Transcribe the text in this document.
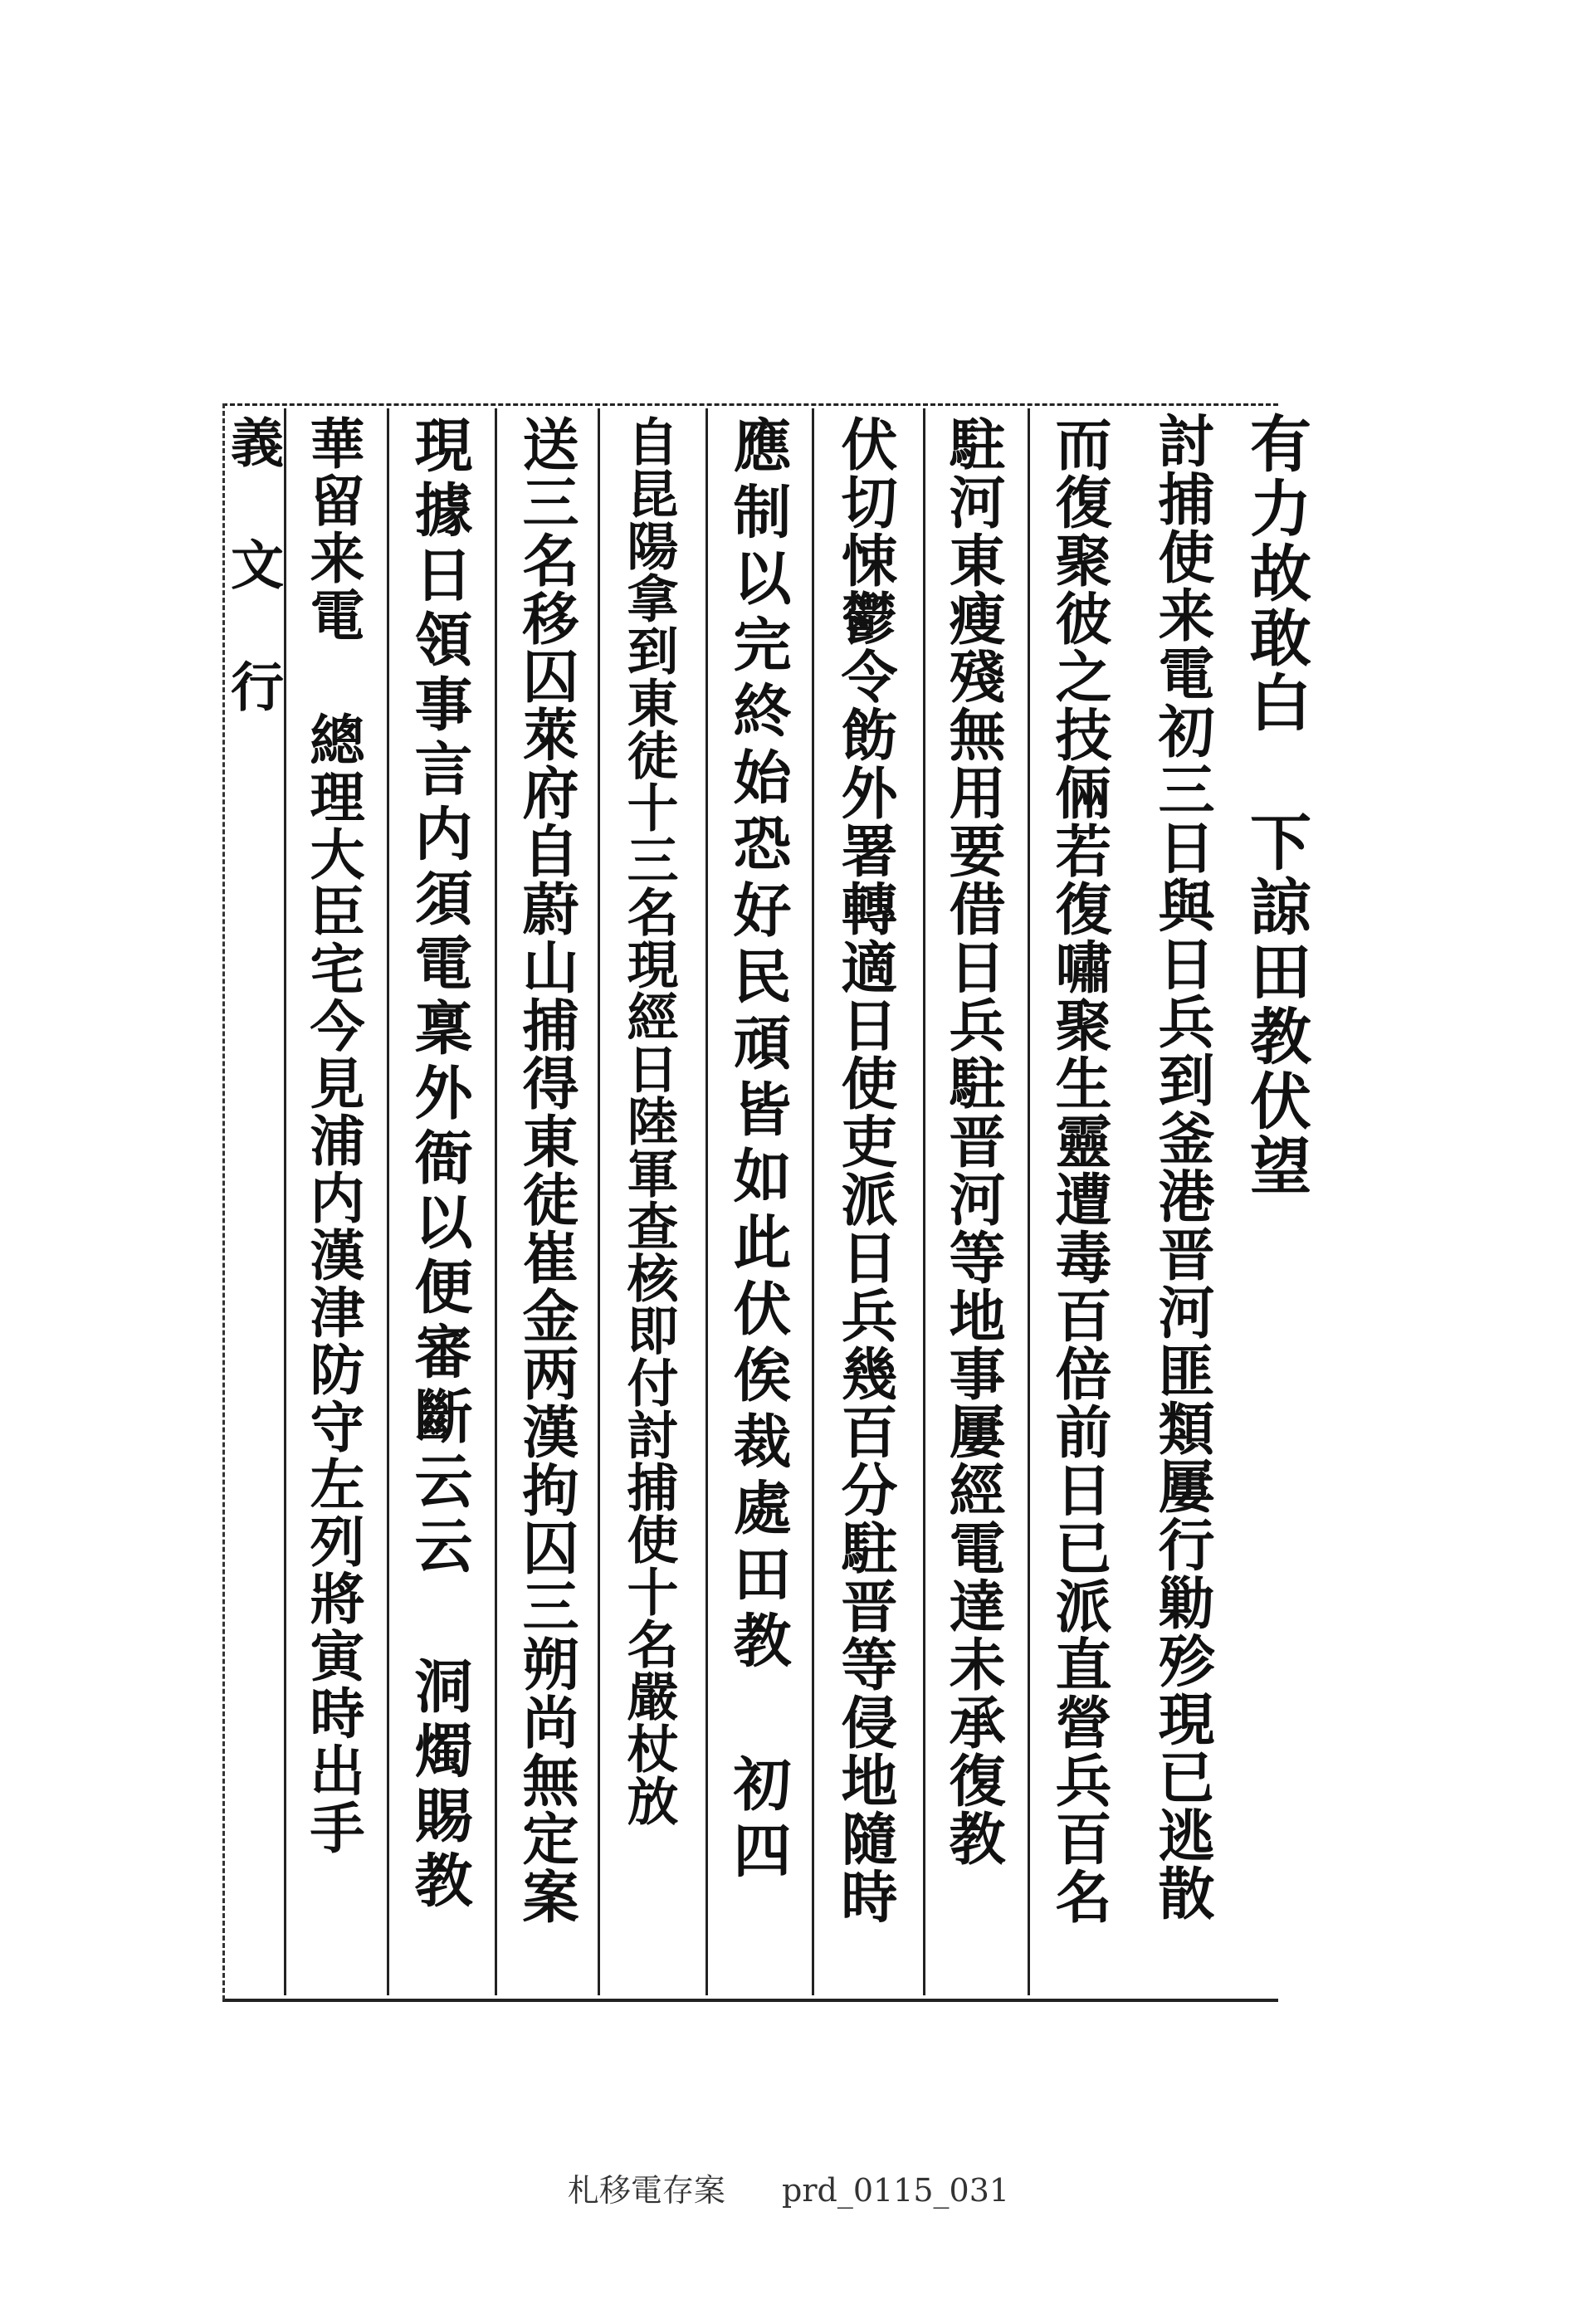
有力故敢白 下諒田教伏望
討捕使来電初三日與日兵到釜港晋河匪類屢行勦殄現已逃散
而復聚彼之技倆若復嘯聚生靈遭毒百倍前日已派直營兵百名
駐河東瘦殘無用要借日兵駐晋河等地事屢經電達未承復教
伏切悚鬱令飭外署轉適日使吏派日兵幾百分駐晋等侵地隨時
應制以完終始恐好民頑皆如此伏俟裁處田教 初四
自昆陽拿到東徒十三名現經日陸軍查核即付討捕使十名嚴杖放
送三名移囚萊府自蔚山捕得東徒崔金两漢拘囚三朔尚無定案
現據日領事言内須電稟外衙以便審斷云云 洞燭賜教
華留来電 總理大臣宅今見浦内漢津防守左列將寅時出手
義 文 行
札移電存案 prd_0115_031
